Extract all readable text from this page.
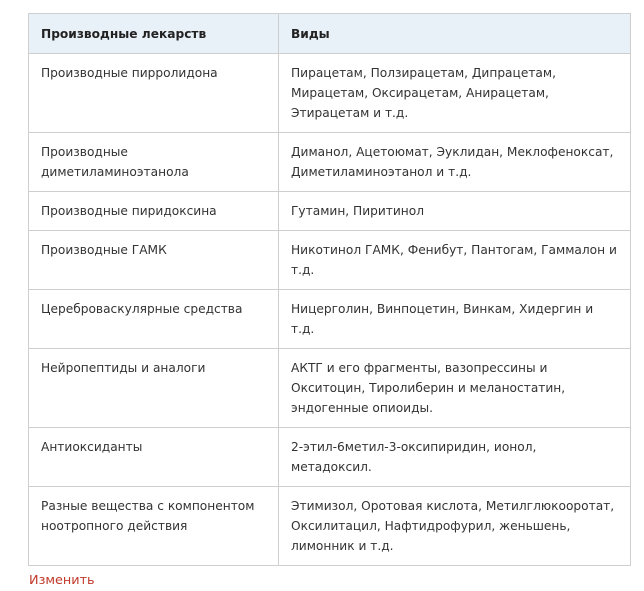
Производные лекарств	Виды
Производные пирролидона	Пирацетам, Ползирацетам, Дипрацетам, Мирацетам, Оксирацетам, Анирацетам, Этирацетам и т.д.
Производные диметиламиноэтанола	Диманол, Ацетоюмат, Эуклидан, Меклофеноксат, Диметиламиноэтанол и т.д.
Производные пиридоксина	Гутамин, Пиритинол
Производные ГАМК	Никотинол ГАМК, Фенибут, Пантогам, Гаммалон и т.д.
Цереброваскулярные средства	Ницерголин, Винпоцетин, Винкам, Хидергин и т.д.
Нейропептиды и аналоги	АКТГ и его фрагменты, вазопрессины и Окситоцин, Тиролиберин и меланостатин, эндогенные опиоиды.
Антиоксиданты	2-этил-6метил-3-оксипиридин, ионол, метадоксил.
Разные вещества с компонентом ноотропного действия	Этимизол, Оротовая кислота, Метилглюкооротат, Оксилитацил, Нафтидрофурил, женьшень, лимонник и т.д.
Изменить
